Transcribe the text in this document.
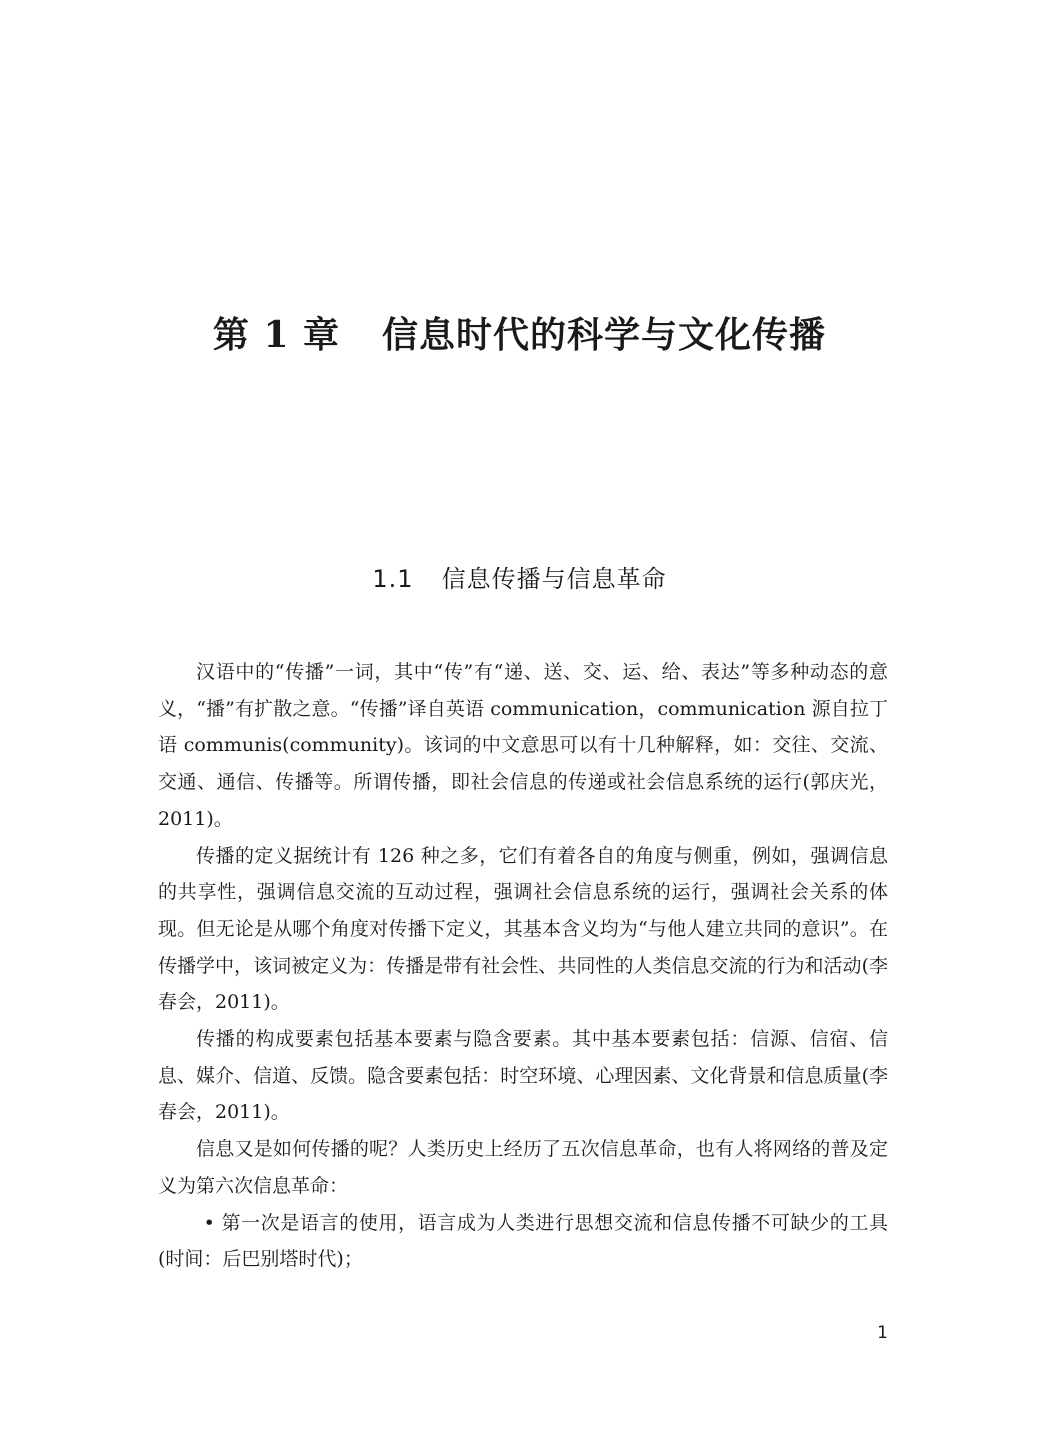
第 1 章 信息时代的科学与文化传播
1.1 信息传播与信息革命

汉语中的“传播”一词，其中“传”有“递、送、交、运、给、表达”等多种动态的意义，“播”有扩散之意。“传播”译自英语 communication，communication 源自拉丁语 communis(community)。该词的中文意思可以有十几种解释，如：交往、交流、交通、通信、传播等。所谓传播，即社会信息的传递或社会信息系统的运行(郭庆光，2011)。

传播的定义据统计有 126 种之多，它们有着各自的角度与侧重，例如，强调信息的共享性，强调信息交流的互动过程，强调社会信息系统的运行，强调社会关系的体现。但无论是从哪个角度对传播下定义，其基本含义均为“与他人建立共同的意识”。在传播学中，该词被定义为：传播是带有社会性、共同性的人类信息交流的行为和活动(李春会，2011)。

传播的构成要素包括基本要素与隐含要素。其中基本要素包括：信源、信宿、信息、媒介、信道、反馈。隐含要素包括：时空环境、心理因素、文化背景和信息质量(李春会，2011)。

信息又是如何传播的呢？人类历史上经历了五次信息革命，也有人将网络的普及定义为第六次信息革命：

• 第一次是语言的使用，语言成为人类进行思想交流和信息传播不可缺少的工具(时间：后巴别塔时代)；

1
